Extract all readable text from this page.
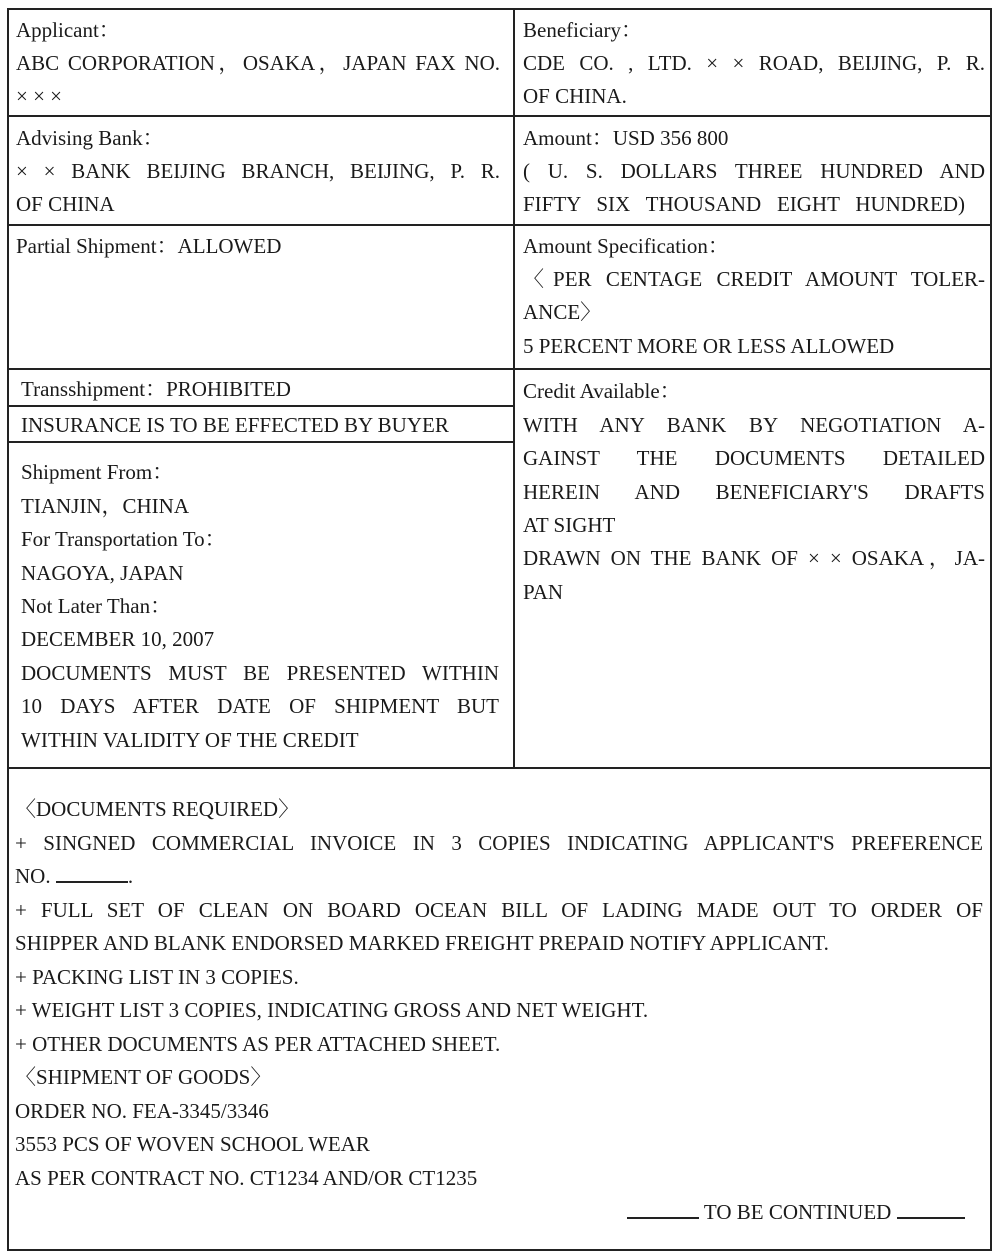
Applicant：
ABC CORPORATION，OSAKA，JAPAN FAX NO.
× × ×
Beneficiary：
CDE CO. , LTD. × × ROAD, BEIJING, P. R.
OF CHINA.
Advising Bank：
× × BANK BEIJING BRANCH, BEIJING, P. R.
OF CHINA
Amount：USD 356 800
( U. S. DOLLARS THREE HUNDRED AND
FIFTY SIX THOUSAND EIGHT HUNDRED)
Partial Shipment：ALLOWED	Amount Specification：
〈PER CENTAGE CREDIT AMOUNT TOLER-
ANCE〉
5 PERCENT MORE OR LESS ALLOWED
Transshipment：PROHIBITED
INSURANCE IS TO BE EFFECTED BY BUYER
Shipment From：
TIANJIN，CHINA
For Transportation To：
NAGOYA, JAPAN
Not Later Than：
DECEMBER 10, 2007
DOCUMENTS MUST BE PRESENTED WITHIN
10 DAYS AFTER DATE OF SHIPMENT BUT
WITHIN VALIDITY OF THE CREDIT
Credit Available：
WITH ANY BANK BY NEGOTIATION A-
GAINST THE DOCUMENTS DETAILED
HEREIN AND BENEFICIARY'S DRAFTS
AT SIGHT
DRAWN ON THE BANK OF × × OSAKA，JA-
PAN
〈DOCUMENTS REQUIRED〉
+ SINGNED COMMERCIAL INVOICE IN 3 COPIES INDICATING APPLICANT'S PREFERENCE
NO.	.
+ FULL SET OF CLEAN ON BOARD OCEAN BILL OF LADING MADE OUT TO ORDER OF
SHIPPER AND BLANK ENDORSED MARKED FREIGHT PREPAID NOTIFY APPLICANT.
+ PACKING LIST IN 3 COPIES.
+ WEIGHT LIST 3 COPIES, INDICATING GROSS AND NET WEIGHT.
+ OTHER DOCUMENTS AS PER ATTACHED SHEET.
〈SHIPMENT OF GOODS〉
ORDER NO. FEA-3345/3346
3553 PCS OF WOVEN SCHOOL WEAR
AS PER CONTRACT NO. CT1234 AND/OR CT1235
TO BE CONTINUED
